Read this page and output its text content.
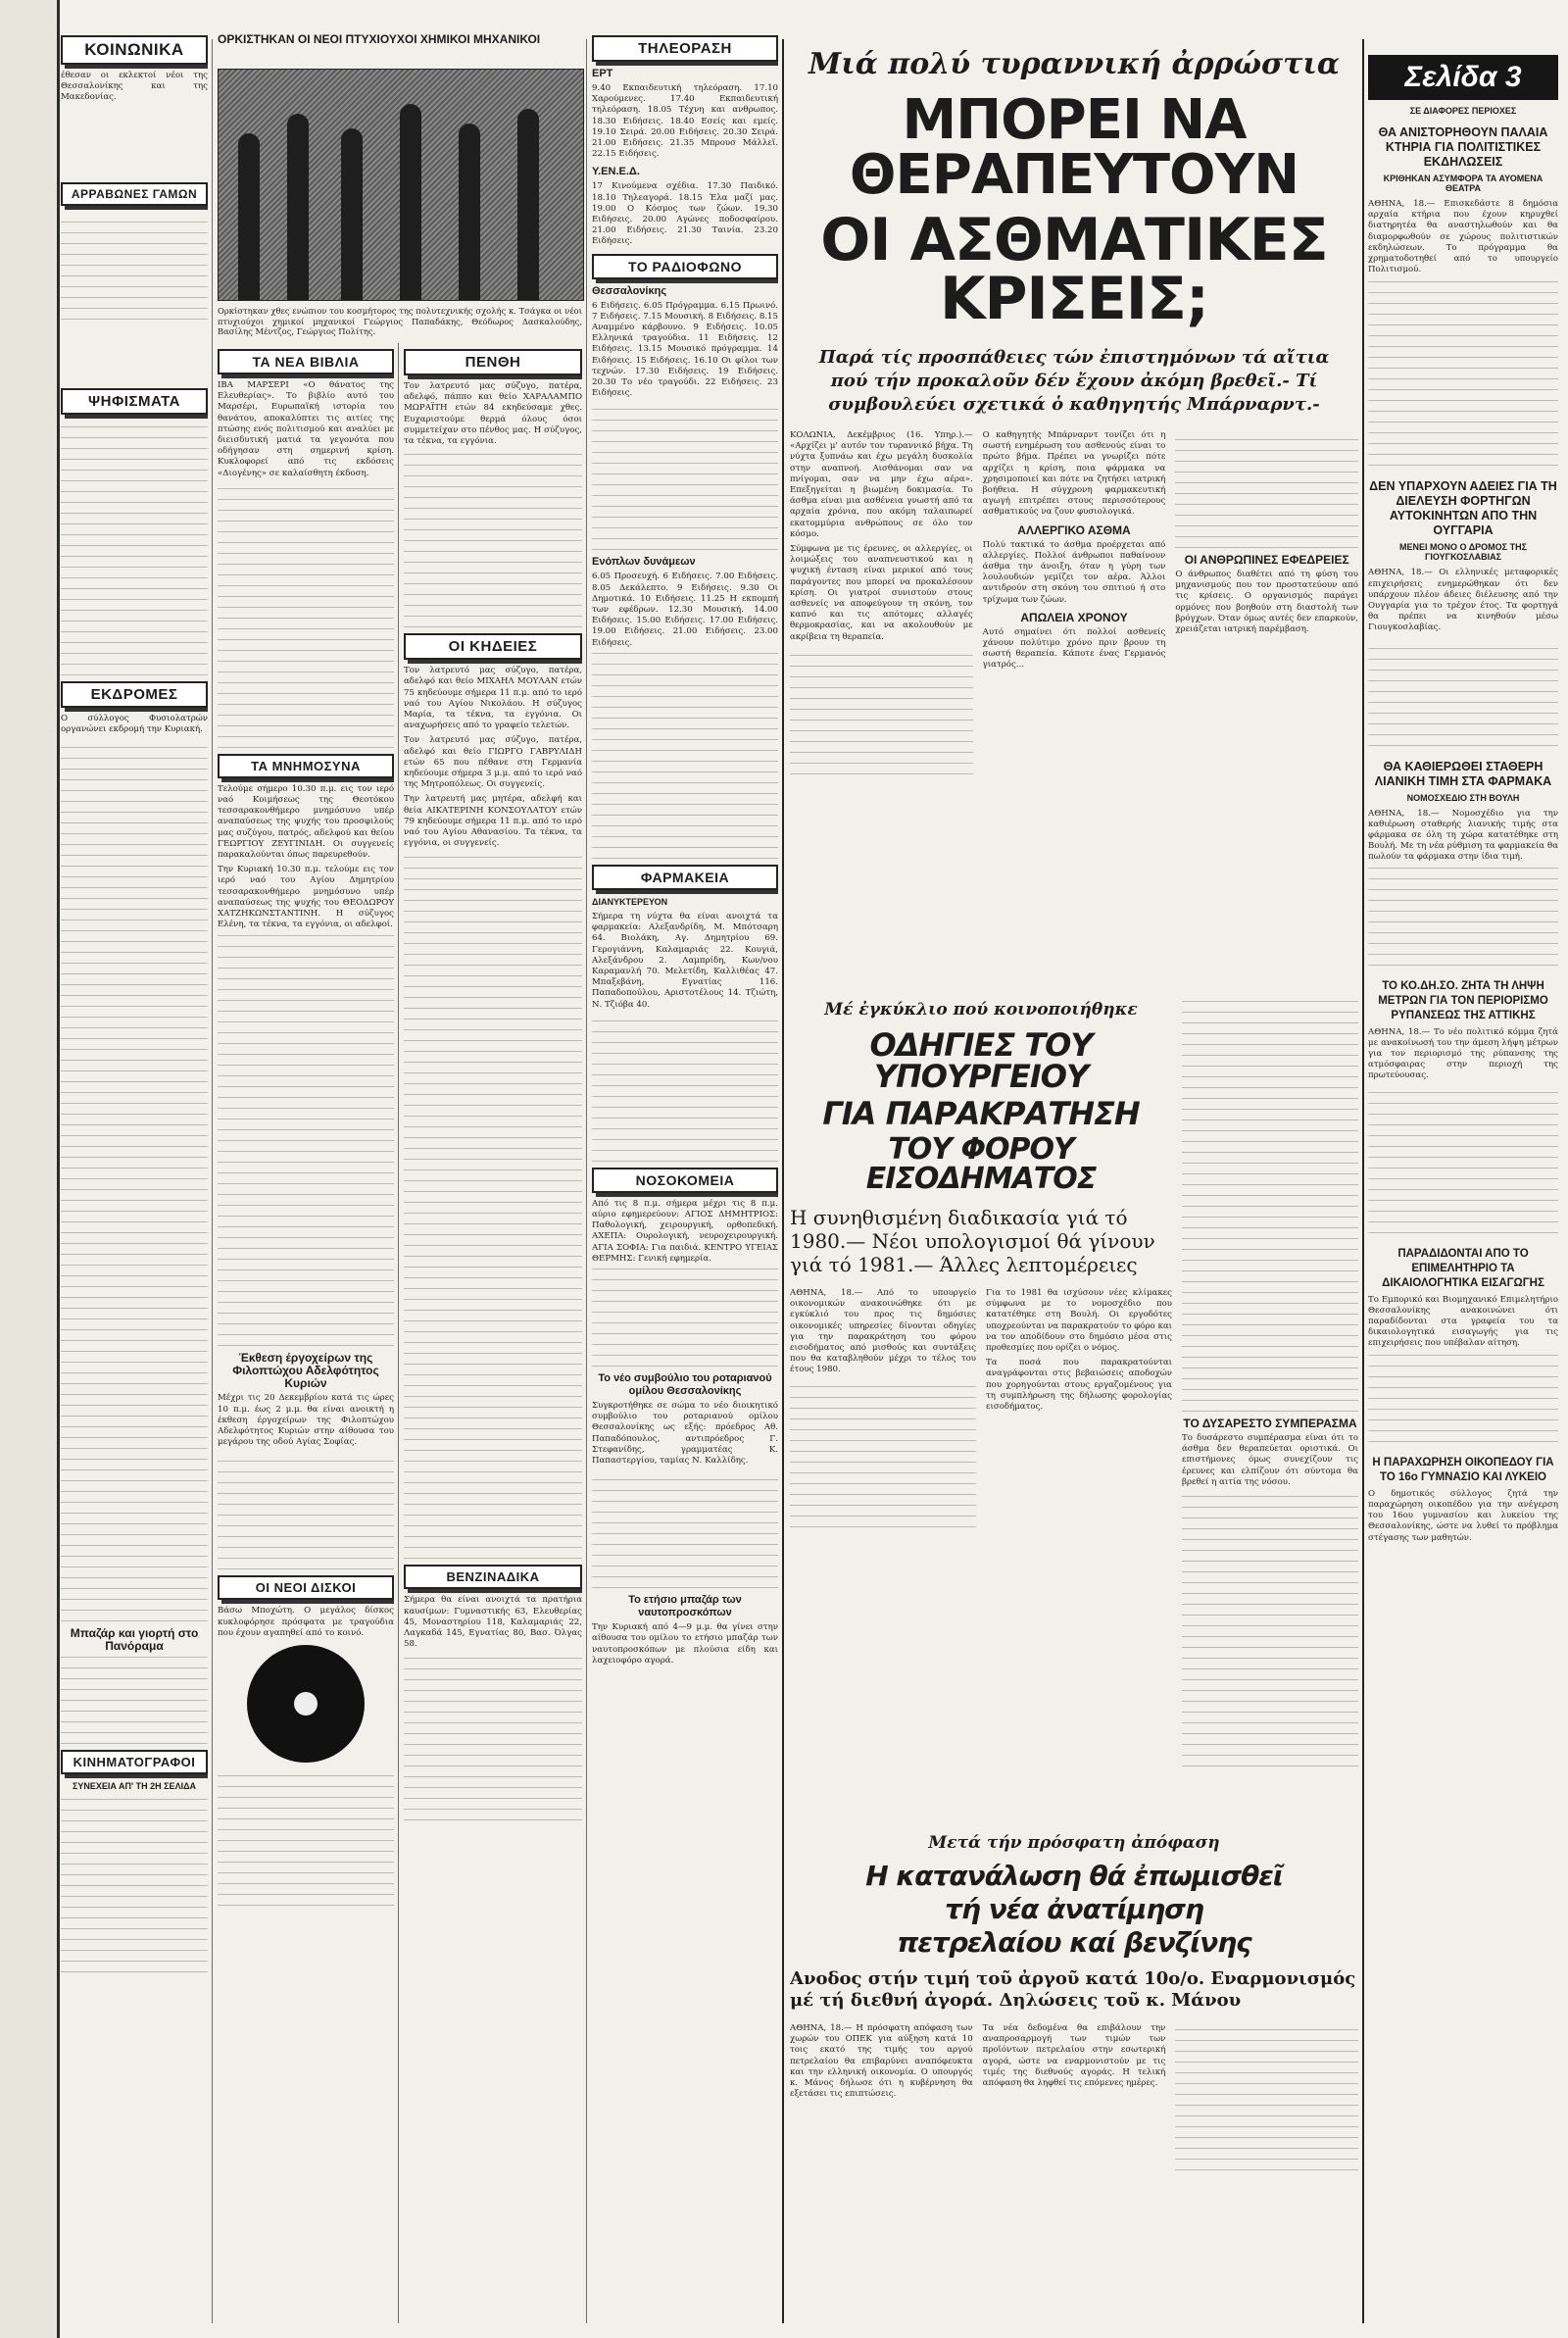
ΚΟΙΝΩΝΙΚΑ

έθεσαν οι εκλεκτοί νέοι της Θεσσαλονίκης και της Μακεδονίας.

ΑΡΡΑΒΩΝΕΣ ΓΑΜΩΝ

ΨΗΦΙΣΜΑΤΑ

ΕΚΔΡΟΜΕΣ

Ο σύλλογος Φυσιολατρών οργανώνει εκδρομή την Κυριακή.

Μπαζάρ και γιορτή στο Πανόραμα

ΚΙΝΗΜΑΤΟΓΡΑΦΟΙ
ΣΥΝΕΧΕΙΑ ΑΠ' ΤΗ 2Η ΣΕΛΙΔΑ

ΟΡΚΙΣΤΗΚΑΝ ΟΙ ΝΕΟΙ ΠΤΥΧΙΟΥΧΟΙ ΧΗΜΙΚΟΙ ΜΗΧΑΝΙΚΟΙ

Ορκίστηκαν χθες ενώπιον του κοσμήτορος της πολυτεχνικής σχολής κ. Τσάγκα οι νέοι πτυχιούχοι χημικοί μηχανικοί Γεώργιος Παπαδάκης, Θεόδωρος Δασκαλούδης, Βασίλης Μέντζος, Γεώργιος Πολίτης.

ΤΑ ΝΕΑ ΒΙΒΛΙΑ

ΙΒΑ ΜΑΡΣΕΡΙ «Ο θάνατος της Ελευθερίας». Το βιβλίο αυτό του Μαρσέρι, Ευρωπαϊκή ιστορία του θανάτου, αποκαλύπτει τις αιτίες της πτώσης ενός πολιτισμού και αναλύει με διεισδυτική ματιά τα γεγονότα που οδήγησαν στη σημερινή κρίση. Κυκλοφορεί από τις εκδόσεις «Διογένης» σε καλαίσθητη έκδοση.

ΤΑ ΜΝΗΜΟΣΥΝΑ

Τελούμε σήμερο 10.30 π.μ. εις τον ιερό ναό Κοιμήσεως της Θεοτόκου τεσσαρακονθήμερο μνημόσυνο υπέρ αναπαύσεως της ψυχής του προσφιλούς μας συζύγου, πατρός, αδελφού και θείου ΓΕΩΡΓΙΟΥ ΖΕΥΓΙΝΙΔΗ. Οι συγγενείς παρακαλούνται όπως παρευρεθούν.

Την Κυριακή 10.30 π.μ. τελούμε εις τον ιερό ναό του Αγίου Δημητρίου τεσσαρακονθήμερο μνημόσυνο υπέρ αναπαύσεως της ψυχής του ΘΕΟΔΩΡΟΥ ΧΑΤΖΗΚΩΝΣΤΑΝΤΙΝΗ. Η σύζυγος Ελένη, τα τέκνα, τα εγγόνια, οι αδελφοί.

Έκθεση έργοχείρων της Φιλοπτώχου Αδελφότητος Κυριών

Μέχρι τις 20 Δεκεμβρίου κατά τις ώρες 10 π.μ. έως 2 μ.μ. θα είναι ανοικτή η έκθεση έργοχείρων της Φιλοπτώχου Αδελφότητος Κυριών στην αίθουσα του μεγάρου της οδού Αγίας Σοφίας.

ΟΙ ΝΕΟΙ ΔΙΣΚΟΙ

Βάσω Μποχώτη. Ο μεγάλος δίσκος κυκλοφόρησε πρόσφατα με τραγούδια που έχουν αγαπηθεί από το κοινό.

ΠΕΝΘΗ

Τον λατρευτό μας σύζυγο, πατέρα, αδελφό, πάππο και θείο ΧΑΡΑΛΑΜΠΟ ΜΩΡΑΪΤΗ ετών 84 εκηδεύσαμε χθες. Ευχαριστούμε θερμά όλους όσοι συμμετείχαν στο πένθος μας. Η σύζυγος, τα τέκνα, τα εγγόνια.

ΟΙ ΚΗΔΕΙΕΣ

Τον λατρευτό μας σύζυγο, πατέρα, αδελφό και θείο ΜΙΧΑΗΛ ΜΟΥΛΑΝ ετών 75 κηδεύουμε σήμερα 11 π.μ. από το ιερό ναό του Αγίου Νικολάου. Η σύζυγος Μαρία, τα τέκνα, τα εγγόνια. Οι αναχωρήσεις από το γραφείο τελετών.

Τον λατρευτό μας σύζυγο, πατέρα, αδελφό και θείο ΓΙΩΡΓΟ ΓΑΒΡΥΛΙΔΗ ετών 65 που πέθανε στη Γερμανία κηδεύουμε σήμερα 3 μ.μ. από το ιερό ναό της Μητροπόλεως. Οι συγγενείς.

Την λατρευτή μας μητέρα, αδελφή και θεία ΑΙΚΑΤΕΡΙΝΗ ΚΟΝΣΟΥΛΑΤΟΥ ετών 79 κηδεύουμε σήμερα 11 π.μ. από το ιερό ναό του Αγίου Αθανασίου. Τα τέκνα, τα εγγόνια, οι συγγενείς.

ΒΕΝΖΙΝΑΔΙΚΑ

Σήμερα θα είναι ανοιχτά τα πρατήρια καυσίμων: Γυμναστικής 63, Ελευθερίας 45, Μοναστηρίου 118, Καλαμαριάς 22, Λαγκαδά 145, Εγνατίας 80, Βασ. Όλγας 58.

ΤΗΛΕΟΡΑΣΗ
ΕΡΤ

9.40 Εκπαιδευτική τηλεόραση. 17.10 Χαρούμενες. 17.40 Εκπαιδευτική τηλεόραση. 18.05 Τέχνη και ανθρωπος. 18.30 Ειδήσεις. 18.40 Εσείς και εμείς. 19.10 Σειρά. 20.00 Ειδήσεις. 20.30 Σειρά. 21.00 Ειδήσεις. 21.35 Μπρουσ Μάλλεϊ. 22.15 Ειδήσεις.

Υ.ΕΝ.Ε.Δ.

17 Κινούμενα σχέδια. 17.30 Παιδικό. 18.10 Τηλεαγορά. 18.15 Έλα μαζί μας. 19.00 Ο Κόσμος των ζώων. 19.30 Ειδήσεις. 20.00 Αγώνες ποδοσφαίρου. 21.00 Ειδήσεις. 21.30 Ταινία. 23.20 Ειδήσεις.

ΤΟ ΡΑΔΙΟΦΩΝΟ
Θεσσαλονίκης

6 Ειδήσεις. 6.05 Πρόγραμμα. 6.15 Πρωινό. 7 Ειδήσεις. 7.15 Μουσική. 8 Ειδήσεις. 8.15 Αναμμένο κάρβουνο. 9 Ειδήσεις. 10.05 Ελληνικά τραγούδια. 11 Ειδήσεις. 12 Ειδήσεις. 13.15 Μουσικό πρόγραμμα. 14 Ειδήσεις. 15 Ειδήσεις. 16.10 Οι φίλοι των τεχνών. 17.30 Ειδήσεις. 19 Ειδήσεις. 20.30 Το νέο τραγούδι. 22 Ειδήσεις. 23 Ειδήσεις.

Ενόπλων δυνάμεων

6.05 Προσευχή. 6 Ειδήσεις. 7.00 Ειδήσεις. 8.05 Δεκάλεπτο. 9 Ειδήσεις. 9.30 Οι Δημοτικά. 10 Ειδήσεις. 11.25 Η εκπομπή των εφέδρων. 12.30 Μουσική. 14.00 Ειδήσεις. 15.00 Ειδήσεις. 17.00 Ειδήσεις. 19.00 Ειδήσεις. 21.00 Ειδήσεις. 23.00 Ειδήσεις.

ΦΑΡΜΑΚΕΙΑ
ΔΙΑΝΥΚΤΕΡΕΥΟΝ

Σήμερα τη νύχτα θα είναι ανοιχτά τα φαρμακεία: Αλεξανδρίδη, Μ. Μπότσαρη 64. Βιολάκη, Αγ. Δημητρίου 69. Γερογιάννη, Καλαμαριάς 22. Κουγιά, Αλεξάνδρου 2. Λαμπρίδη, Κων/νου Καραμανλή 70. Μελετίδη, Καλλιθέας 47. Μπαξεβάνη, Εγνατίας 116. Παπαδοπούλου, Αριστοτέλους 14. Τζιώτη, Ν. Τζιόβα 40.

ΝΟΣΟΚΟΜΕΙΑ

Από τις 8 π.μ. σήμερα μέχρι τις 8 π.μ. αύριο εφημερεύουν: ΑΓΙΟΣ ΔΗΜΗΤΡΙΟΣ: Παθολογική, χειρουργική, ορθοπεδική. ΑΧΕΠΑ: Ουρολογική, νευροχειρουργική. ΑΓΙΑ ΣΟΦΙΑ: Για παιδιά. ΚΕΝΤΡΟ ΥΓΕΙΑΣ ΘΕΡΜΗΣ: Γενική εφημερία.

Το νέο συμβούλιο του ροταριανού ομίλου Θεσσαλονίκης

Συγκροτήθηκε σε σώμα το νέο διοικητικό συμβούλιο του ροταριανού ομίλου Θεσσαλονίκης ως εξής: πρόεδρος Αθ. Παπαδόπουλος, αντιπρόεδρος Γ. Στεφανίδης, γραμματέας Κ. Παπαστεργίου, ταμίας Ν. Καλλίδης.

Το ετήσιο μπαζάρ των ναυτοπροσκόπων

Την Κυριακή από 4—9 μ.μ. θα γίνει στην αίθουσα του ομίλου το ετήσιο μπαζάρ των ναυτοπροσκόπων με πλούσια είδη και λαχειοφόρο αγορά.

Μιά πολύ τυραννική ἀρρώστια
ΜΠΟΡΕΙ ΝΑ ΘΕΡΑΠΕΥΤΟΥΝ
ΟΙ ΑΣΘΜΑΤΙΚΕΣ ΚΡΙΣΕΙΣ;
Παρά τίς προσπάθειες τών ἐπιστημόνων τά αἴτια πού τήν προκαλοῦν δέν ἔχουν ἀκόμη βρεθεῖ.- Τί συμβουλεύει σχετικά ὁ καθηγητής Μπάρναρντ.-

ΚΟΛΩΝΙΑ, Δεκέμβριος (16. Υπηρ.).— «Αρχίζει μ' αυτόν τον τυραννικό βήχα. Τη νύχτα ξυπνάω και έχω μεγάλη δυσκολία στην αναπνοή. Αισθάνομαι σαν να πνίγομαι, σαν να μην έχω αέρα». Επεξηγείται η βιωμένη δοκιμασία. Το άσθμα είναι μια ασθένεια γνωστή από τα αρχαία χρόνια, που ακόμη ταλαιπωρεί εκατομμύρια ανθρώπους σε όλο τον κόσμο.

Σύμφωνα με τις έρευνες, οι αλλεργίες, οι λοιμώξεις του αναπνευστικού και η ψυχική ένταση είναι μερικοί από τους παράγοντες που μπορεί να προκαλέσουν κρίση. Οι γιατροί συνιστούν στους ασθενείς να αποφεύγουν τη σκόνη, τον καπνό και τις απότομες αλλαγές θερμοκρασίας, και να ακολουθούν με ακρίβεια τη θεραπεία.

Ο καθηγητής Μπάρναρντ τονίζει ότι η σωστή ενημέρωση του ασθενούς είναι το πρώτο βήμα. Πρέπει να γνωρίζει πότε αρχίζει η κρίση, ποια φάρμακα να χρησιμοποιεί και πότε να ζητήσει ιατρική βοήθεια. Η σύγχρονη φαρμακευτική αγωγή επιτρέπει στους περισσότερους ασθματικούς να ζουν φυσιολογικά.

ΑΛΛΕΡΓΙΚΟ ΑΣΘΜΑ

Πολύ τακτικά το άσθμα προέρχεται από αλλεργίες. Πολλοί άνθρωποι παθαίνουν άσθμα την άνοιξη, όταν η γύρη των λουλουδιών γεμίζει τον αέρα. Άλλοι αντιδρούν στη σκόνη του σπιτιού ή στο τρίχωμα των ζώων.

ΑΠΩΛΕΙΑ ΧΡΟΝΟΥ

Αυτό σημαίνει ότι πολλοί ασθενείς χάνουν πολύτιμο χρόνο πριν βρουν τη σωστή θεραπεία. Κάποτε ένας Γερμανός γιατρός...

ΟΙ ΑΝΘΡΩΠΙΝΕΣ ΕΦΕΔΡΕΙΕΣ

Ο άνθρωπος διαθέτει από τη φύση του μηχανισμούς που τον προστατεύουν από τις κρίσεις. Ο οργανισμός παράγει ορμόνες που βοηθούν στη διαστολή των βρόγχων. Όταν όμως αυτές δεν επαρκούν, χρειάζεται ιατρική παρέμβαση.

Μέ ἐγκύκλιο πού κοινοποιήθηκε
ΟΔΗΓΙΕΣ ΤΟΥ ΥΠΟΥΡΓΕΙΟΥ
ΓΙΑ ΠΑΡΑΚΡΑΤΗΣΗ
ΤΟΥ ΦΟΡΟΥ ΕΙΣΟΔΗΜΑΤΟΣ
Η συνηθισμένη διαδικασία γιά τό 1980.— Νέοι υπολογισμοί θά γίνουν γιά τό 1981.— Άλλες λεπτομέρειες

ΑΘΗΝΑ, 18.— Από το υπουργείο οικονομικών ανακοινώθηκε ότι με εγκύκλιό του προς τις δημόσιες οικονομικές υπηρεσίες δίνονται οδηγίες για την παρακράτηση του φόρου εισοδήματος από μισθούς και συντάξεις που θα καταβληθούν μέχρι το τέλος του έτους 1980.

Για το 1981 θα ισχύσουν νέες κλίμακες σύμφωνα με το νομοσχέδιο που κατατέθηκε στη Βουλή. Οι εργοδότες υποχρεούνται να παρακρατούν το φόρο και να τον αποδίδουν στο δημόσιο μέσα στις προθεσμίες που ορίζει ο νόμος.

Τα ποσά που παρακρατούνται αναγράφονται στις βεβαιώσεις αποδοχών που χορηγούνται στους εργαζομένους για τη συμπλήρωση της δήλωσης φορολογίας εισοδήματος.

ΤΟ ΔΥΣΑΡΕΣΤΟ ΣΥΜΠΕΡΑΣΜΑ

Το δυσάρεστο συμπέρασμα είναι ότι το άσθμα δεν θεραπεύεται οριστικά. Οι επιστήμονες όμως συνεχίζουν τις έρευνες και ελπίζουν ότι σύντομα θα βρεθεί η αιτία της νόσου.

Μετά τήν πρόσφατη ἀπόφαση
Η κατανάλωση θά ἐπωμισθεῖ
τή νέα ἀνατίμηση
πετρελαίου καί βενζίνης
Ανοδος στήν τιμή τοῦ ἀργοῦ κατά 10ο/ο. Εναρμονισμός μέ τή διεθνή ἀγορά. Δηλώσεις τοῦ κ. Μάνου

ΑΘΗΝΑ, 18.— Η πρόσφατη απόφαση των χωρών του ΟΠΕΚ για αύξηση κατά 10 τοις εκατό της τιμής του αργού πετρελαίου θα επιβαρύνει αναπόφευκτα και την ελληνική οικονομία. Ο υπουργός κ. Μάνος δήλωσε ότι η κυβέρνηση θα εξετάσει τις επιπτώσεις.

Τα νέα δεδομένα θα επιβάλουν την αναπροσαρμογή των τιμών των προϊόντων πετρελαίου στην εσωτερική αγορά, ώστε να εναρμονιστούν με τις τιμές της διεθνούς αγοράς. Η τελική απόφαση θα ληφθεί τις επόμενες ημέρες.

Σελίδα 3
ΣΕ ΔΙΑΦΟΡΕΣ ΠΕΡΙΟΧΕΣ
ΘΑ ΑΝΙΣΤΟΡΗΘΟΥΝ ΠΑΛΑΙΑ ΚΤΗΡΙΑ ΓΙΑ ΠΟΛΙΤΙΣΤΙΚΕΣ ΕΚΔΗΛΩΣΕΙΣ
ΚΡΙΘΗΚΑΝ ΑΣΥΜΦΟΡΑ ΤΑ ΑΥΟΜΕΝΑ ΘΕΑΤΡΑ

ΑΘΗΝΑ, 18.— Επισκεδάστε 8 δημόσια αρχαία κτήρια που έχουν κηρυχθεί διατηρητέα θα αναστηλωθούν και θα διαμορφωθούν σε χώρους πολιτιστικών εκδηλώσεων. Το πρόγραμμα θα χρηματοδοτηθεί από το υπουργείο Πολιτισμού.

ΔΕΝ ΥΠΑΡΧΟΥΝ ΑΔΕΙΕΣ ΓΙΑ ΤΗ ΔΙΕΛΕΥΣΗ ΦΟΡΤΗΓΩΝ ΑΥΤΟΚΙΝΗΤΩΝ ΑΠΟ ΤΗΝ ΟΥΓΓΑΡΙΑ
ΜΕΝΕΙ ΜΟΝΟ Ο ΔΡΟΜΟΣ ΤΗΣ ΓΙΟΥΓΚΟΣΛΑΒΙΑΣ

ΑΘΗΝΑ, 18.— Οι ελληνικές μεταφορικές επιχειρήσεις ενημερώθηκαν ότι δεν υπάρχουν πλέον άδειες διέλευσης από την Ουγγαρία για το τρέχον έτος. Τα φορτηγά θα πρέπει να κινηθούν μέσω Γιουγκοσλαβίας.

ΘΑ ΚΑΘΙΕΡΩΘΕΙ ΣΤΑΘΕΡΗ ΛΙΑΝΙΚΗ ΤΙΜΗ ΣΤΑ ΦΑΡΜΑΚΑ
ΝΟΜΟΣΧΕΔΙΟ ΣΤΗ ΒΟΥΛΗ

ΑΘΗΝΑ, 18.— Νομοσχέδιο για την καθιέρωση σταθερής λιανικής τιμής στα φάρμακα σε όλη τη χώρα κατατέθηκε στη Βουλή. Με τη νέα ρύθμιση τα φαρμακεία θα πωλούν τα φάρμακα στην ίδια τιμή.

ΤΟ ΚΟ.ΔΗ.ΣΟ. ΖΗΤΑ ΤΗ ΛΗΨΗ ΜΕΤΡΩΝ ΓΙΑ ΤΟΝ ΠΕΡΙΟΡΙΣΜΟ ΡΥΠΑΝΣΕΩΣ ΤΗΣ ΑΤΤΙΚΗΣ

ΑΘΗΝΑ, 18.— Το νέο πολιτικό κόμμα ζητά με ανακοίνωσή του την άμεση λήψη μέτρων για τον περιορισμό της ρύπανσης της ατμόσφαιρας στην περιοχή της πρωτεύουσας.

ΠΑΡΑΔΙΔΟΝΤΑΙ ΑΠΟ ΤΟ ΕΠΙΜΕΛΗΤΗΡΙΟ ΤΑ ΔΙΚΑΙΟΛΟΓΗΤΙΚΑ ΕΙΣΑΓΩΓΗΣ

Το Εμπορικό και Βιομηχανικό Επιμελητήριο Θεσσαλονίκης ανακοινώνει ότι παραδίδονται στα γραφεία του τα δικαιολογητικά εισαγωγής για τις επιχειρήσεις που υπέβαλαν αίτηση.

Η ΠΑΡΑΧΩΡΗΣΗ ΟΙΚΟΠΕΔΟΥ ΓΙΑ ΤΟ 16ο ΓΥΜΝΑΣΙΟ ΚΑΙ ΛΥΚΕΙΟ

Ο δημοτικός σύλλογος ζητά την παραχώρηση οικοπέδου για την ανέγερση του 16ου γυμνασίου και λυκείου της Θεσσαλονίκης, ώστε να λυθεί το πρόβλημα στέγασης των μαθητών.
